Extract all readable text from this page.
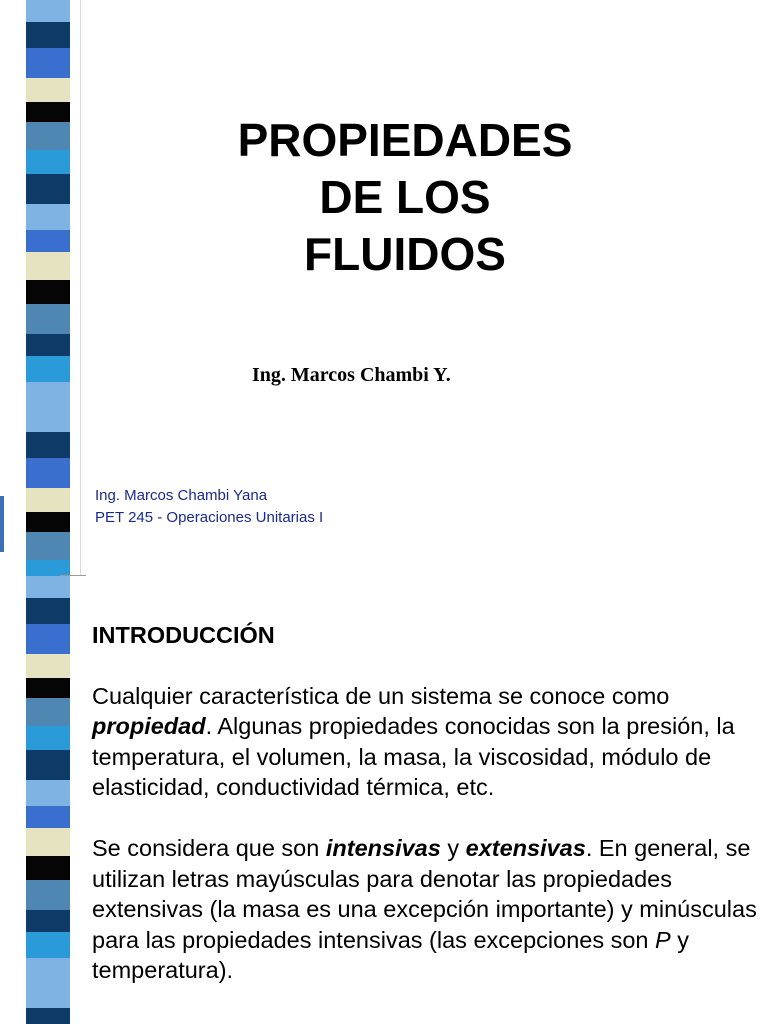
PROPIEDADES
DE LOS
FLUIDOS
Ing. Marcos Chambi Y.
Ing. Marcos Chambi Yana
PET 245 - Operaciones Unitarias I
INTRODUCCIÓN
Cualquier característica de un sistema se conoce como propiedad. Algunas propiedades conocidas son la presión, la temperatura, el volumen, la masa, la viscosidad, módulo de elasticidad, conductividad térmica, etc.
Se considera que son intensivas y extensivas. En general, se utilizan letras mayúsculas para denotar las propiedades extensivas (la masa es una excepción importante) y minúsculas para las propiedades intensivas (las excepciones son P y temperatura).
